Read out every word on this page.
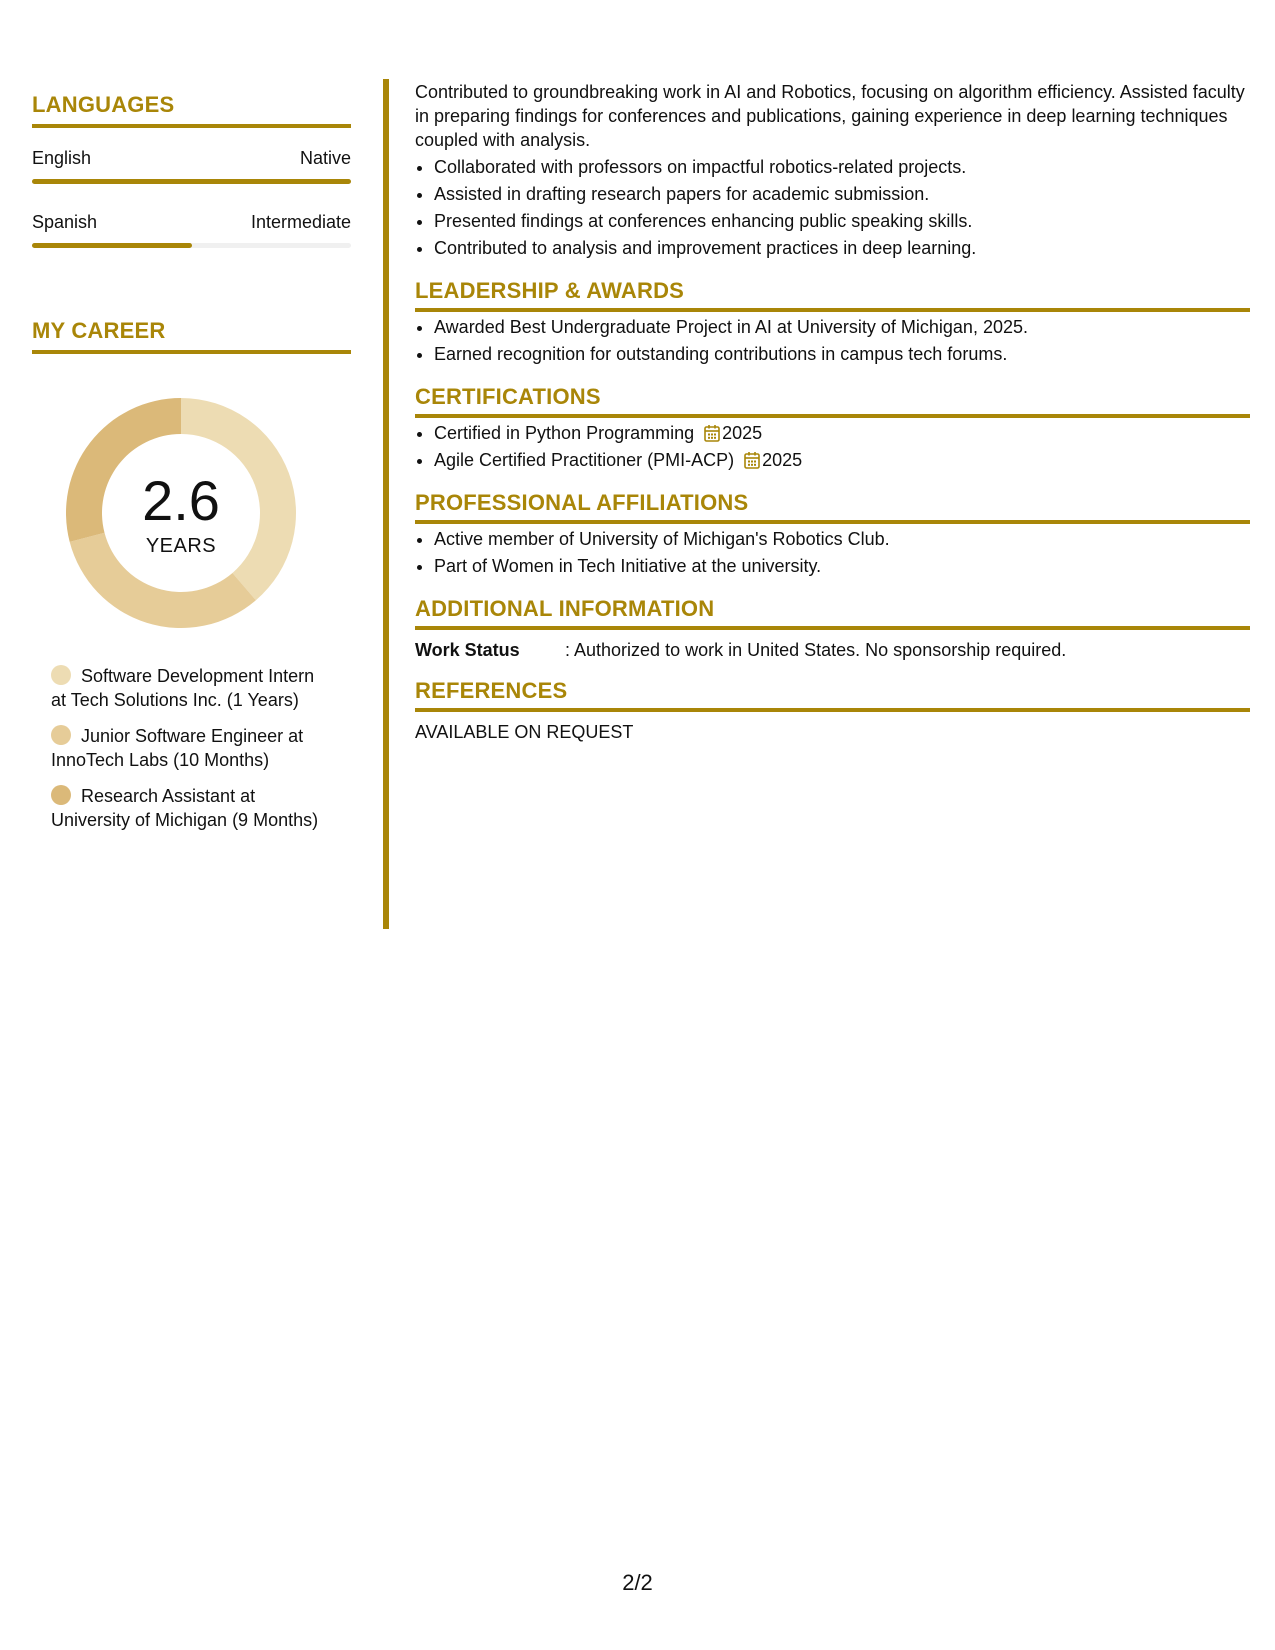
LANGUAGES
English	Native
Spanish	Intermediate
MY CAREER
2.6
YEARS
Software Development Intern at Tech Solutions Inc. (1 Years)
Junior Software Engineer at InnoTech Labs (10 Months)
Research Assistant at University of Michigan (9 Months)

Contributed to groundbreaking work in AI and Robotics, focusing on algorithm efficiency. Assisted faculty in preparing findings for conferences and publications, gaining experience in deep learning techniques coupled with analysis.

• Collaborated with professors on impactful robotics-related projects.
• Assisted in drafting research papers for academic submission.
• Presented findings at conferences enhancing public speaking skills.
• Contributed to analysis and improvement practices in deep learning.
LEADERSHIP & AWARDS
• Awarded Best Undergraduate Project in AI at University of Michigan, 2025.
• Earned recognition for outstanding contributions in campus tech forums.
CERTIFICATIONS
• Certified in Python Programming 2025
• Agile Certified Practitioner (PMI-ACP) 2025
PROFESSIONAL AFFILIATIONS
• Active member of University of Michigan's Robotics Club.
• Part of Women in Tech Initiative at the university.
ADDITIONAL INFORMATION
Work Status	: Authorized to work in United States. No sponsorship required.
REFERENCES
AVAILABLE ON REQUEST
2/2
